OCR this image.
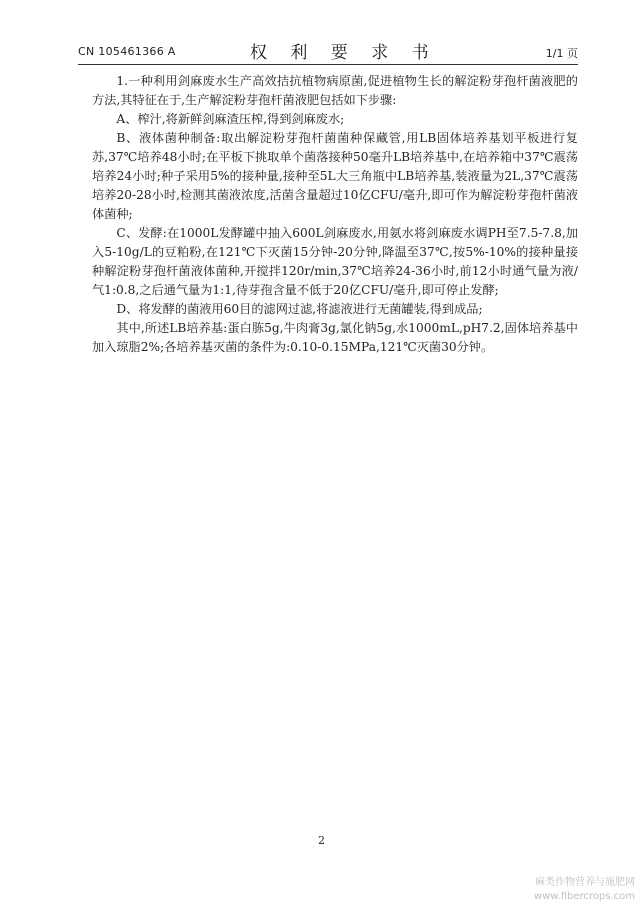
CN 105461366 A	权 利 要 求 书	1/1 页

1.一种利用剑麻废水生产高效拮抗植物病原菌,促进植物生长的解淀粉芽孢杆菌液肥的方法,其特征在于,生产解淀粉芽孢杆菌液肥包括如下步骤:

A、榨汁,将新鲜剑麻渣压榨,得到剑麻废水;

B、液体菌种制备:取出解淀粉芽孢杆菌菌种保藏管,用LB固体培养基划平板进行复苏,37℃培养48小时;在平板下挑取单个菌落接种50毫升LB培养基中,在培养箱中37℃震荡培养24小时;种子采用5%的接种量,接种至5L大三角瓶中LB培养基,装液量为2L,37℃震荡培养20-28小时,检测其菌液浓度,活菌含量超过10亿CFU/毫升,即可作为解淀粉芽孢杆菌液体菌种;

C、发酵:在1000L发酵罐中抽入600L剑麻废水,用氨水将剑麻废水调PH至7.5-7.8,加入5-10g/L的豆粕粉,在121℃下灭菌15分钟-20分钟,降温至37℃,按5%-10%的接种量接种解淀粉芽孢杆菌液体菌种,开搅拌120r/min,37℃培养24-36小时,前12小时通气量为液/气1:0.8,之后通气量为1:1,待芽孢含量不低于20亿CFU/毫升,即可停止发酵;

D、将发酵的菌液用60目的滤网过滤,将滤液进行无菌罐装,得到成品;

其中,所述LB培养基:蛋白胨5g,牛肉膏3g,氯化钠5g,水1000mL,pH7.2,固体培养基中加入琼脂2%;各培养基灭菌的条件为:0.10-0.15MPa,121℃灭菌30分钟。

2
麻类作物营养与施肥网
www.fibercrops.com
